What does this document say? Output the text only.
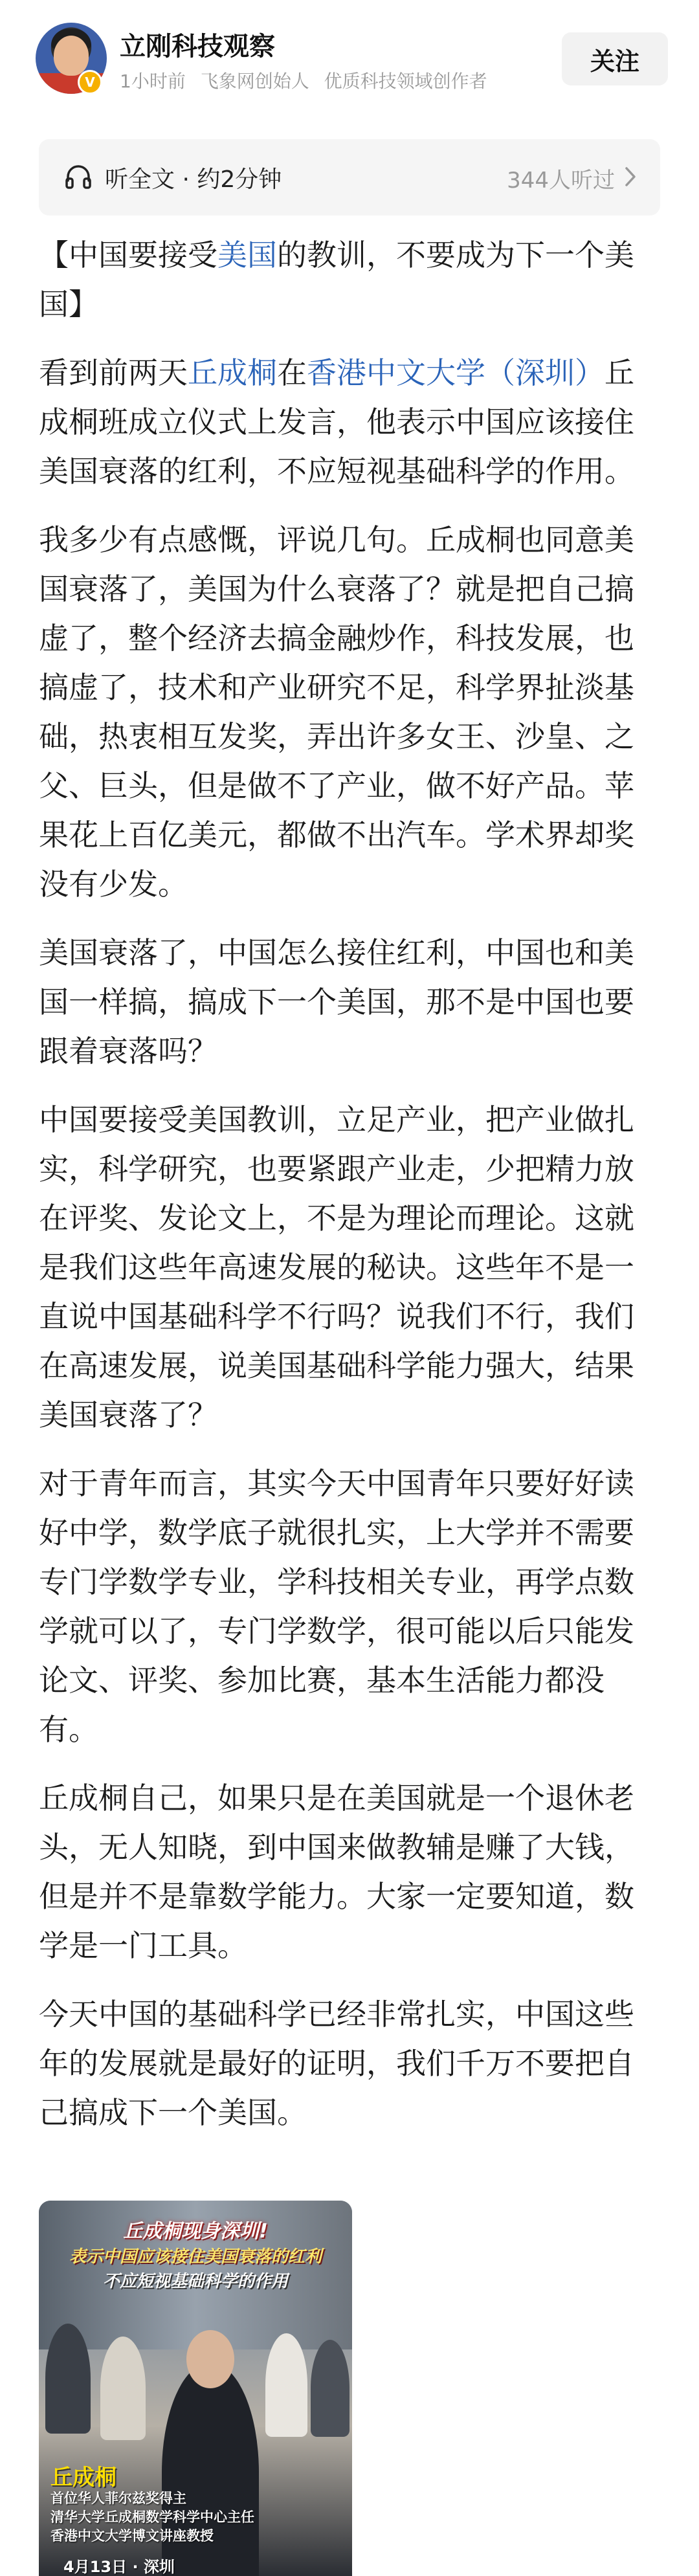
V
立刚科技观察
1小时前 飞象网创始人 优质科技领域创作者
关注
听全文 · 约2分钟	344人听过

【中国要接受美国的教训，不要成为下一个美国】

看到前两天丘成桐在香港中文大学（深圳）丘成桐班成立仪式上发言，他表示中国应该接住美国衰落的红利，不应短视基础科学的作用。

我多少有点感慨，评说几句。丘成桐也同意美国衰落了，美国为什么衰落了？就是把自己搞虚了，整个经济去搞金融炒作，科技发展，也搞虚了，技术和产业研究不足，科学界扯淡基础，热衷相互发奖，弄出许多女王、沙皇、之父、巨头，但是做不了产业，做不好产品。苹果花上百亿美元，都做不出汽车。学术界却奖没有少发。

美国衰落了，中国怎么接住红利，中国也和美国一样搞，搞成下一个美国，那不是中国也要跟着衰落吗？

中国要接受美国教训，立足产业，把产业做扎实，科学研究，也要紧跟产业走，少把精力放在评奖、发论文上，不是为理论而理论。这就是我们这些年高速发展的秘诀。这些年不是一直说中国基础科学不行吗？说我们不行，我们在高速发展，说美国基础科学能力强大，结果美国衰落了？

对于青年而言，其实今天中国青年只要好好读好中学，数学底子就很扎实，上大学并不需要专门学数学专业，学科技相关专业，再学点数学就可以了，专门学数学，很可能以后只能发论文、评奖、参加比赛，基本生活能力都没有。

丘成桐自己，如果只是在美国就是一个退休老头，无人知晓，到中国来做教辅是赚了大钱，但是并不是靠数学能力。大家一定要知道，数学是一门工具。

今天中国的基础科学已经非常扎实，中国这些年的发展就是最好的证明，我们千万不要把自己搞成下一个美国。

丘成桐现身深圳!
表示中国应该接住美国衰落的红利
不应短视基础科学的作用
丘成桐
首位华人菲尔兹奖得主
清华大学丘成桐数学科学中心主任
香港中文大学博文讲座教授
4月13日 · 深圳
